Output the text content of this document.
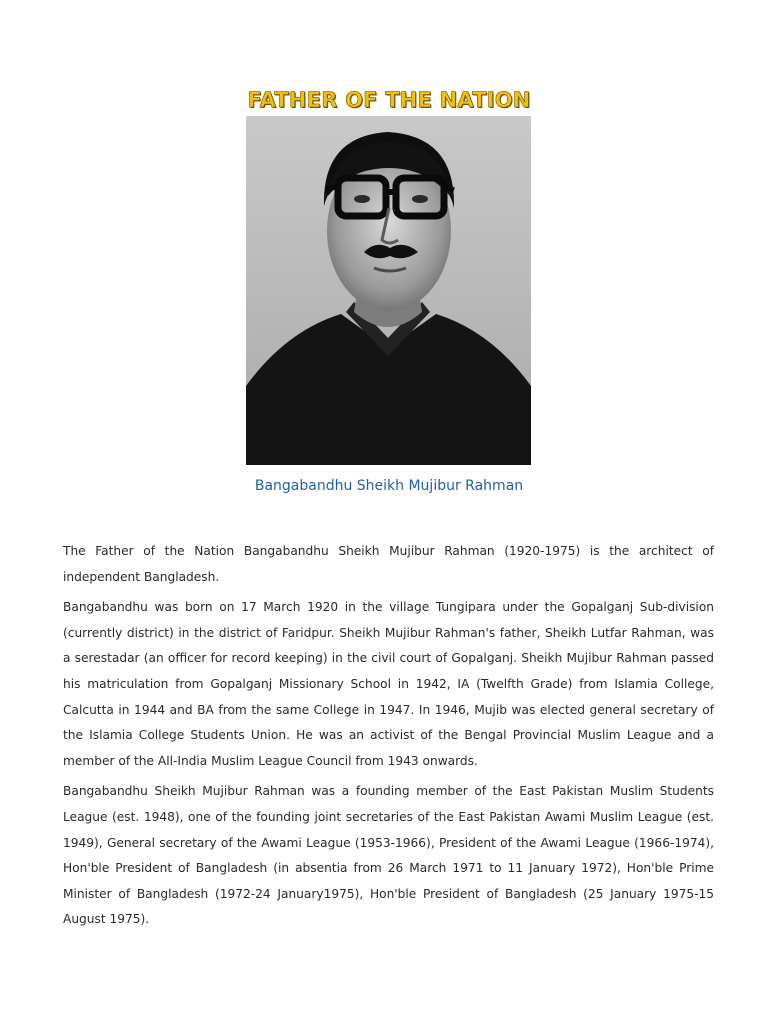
FATHER OF THE NATION
Bangabandhu Sheikh Mujibur Rahman

The Father of the Nation Bangabandhu Sheikh Mujibur Rahman (1920-1975) is the architect of independent Bangladesh.

Bangabandhu was born on 17 March 1920 in the village Tungipara under the Gopalganj Sub-division (currently district) in the district of Faridpur. Sheikh Mujibur Rahman's father, Sheikh Lutfar Rahman, was a serestadar (an officer for record keeping) in the civil court of Gopalganj. Sheikh Mujibur Rahman passed his matriculation from Gopalganj Missionary School in 1942, IA (Twelfth Grade) from Islamia College, Calcutta in 1944 and BA from the same College in 1947. In 1946, Mujib was elected general secretary of the Islamia College Students Union. He was an activist of the Bengal Provincial Muslim League and a member of the All-India Muslim League Council from 1943 onwards.

Bangabandhu Sheikh Mujibur Rahman was a founding member of the East Pakistan Muslim Students League (est. 1948), one of the founding joint secretaries of the East Pakistan Awami Muslim League (est. 1949), General secretary of the Awami League (1953-1966), President of the Awami League (1966-1974), Hon'ble President of Bangladesh (in absentia from 26 March 1971 to 11 January 1972), Hon'ble Prime Minister of Bangladesh (1972-24 January1975), Hon'ble President of Bangladesh (25 January 1975-15 August 1975).
